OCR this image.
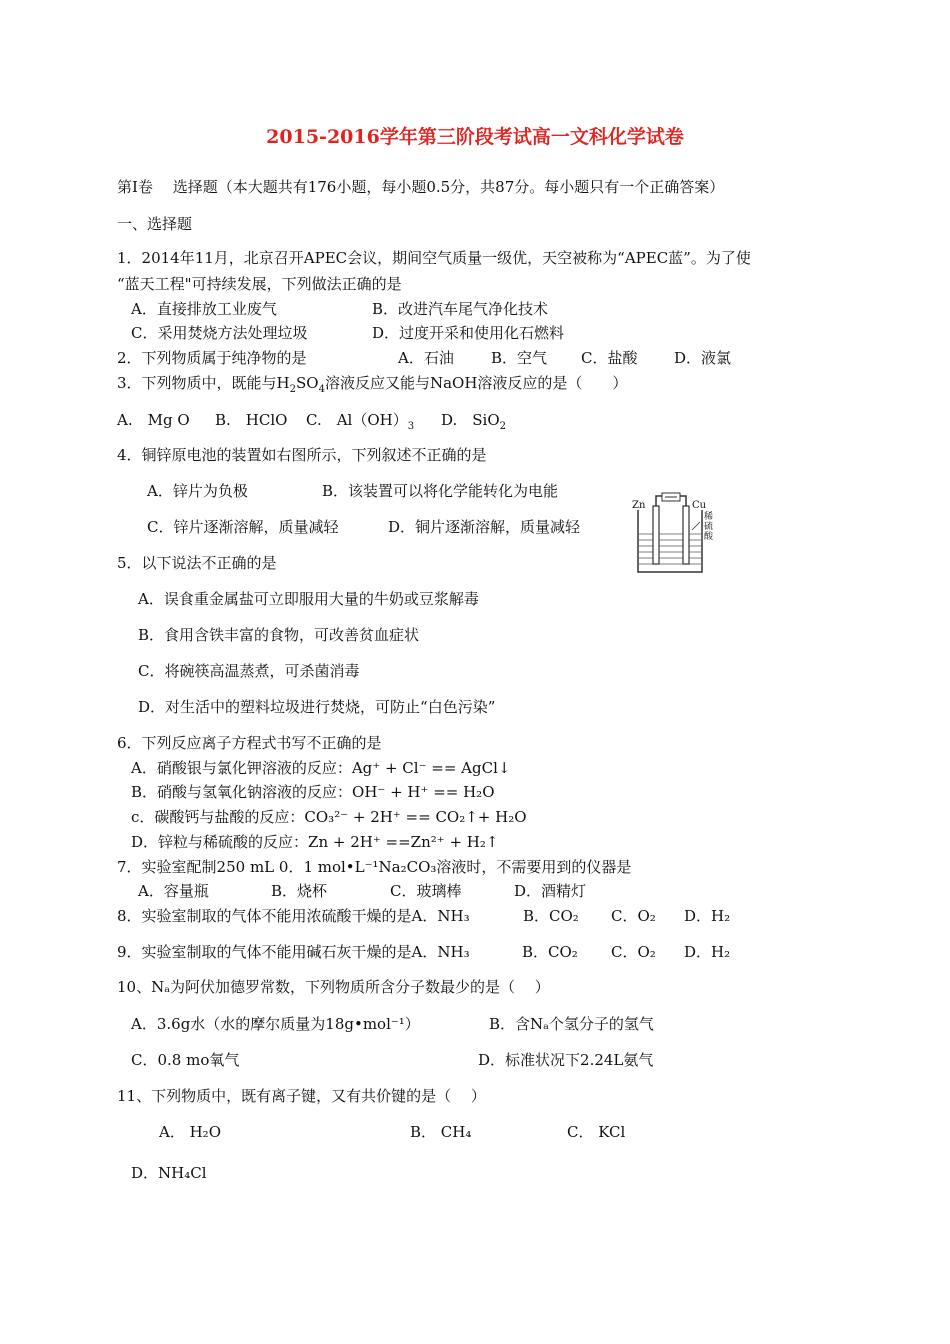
2015-2016学年第三阶段考试高一文科化学试卷
第Ⅰ卷　 选择题（本大题共有176小题，每小题0.5分，共87分。每小题只有一个正确答案）
一、选择题
1．2014年11月，北京召开APEC会议，期间空气质量一级优，天空被称为“APEC蓝”。为了使
“蓝天工程"可持续发展，下列做法正确的是
A．直接排放工业废气	B．改进汽车尾气净化技术
C．采用焚烧方法处理垃圾	D．过度开采和使用化石燃料
2．下列物质属于纯净物的是	A．石油 B．空气 C．盐酸 D．液氯
3．下列物质中，既能与$H_2SO_4$溶液反应又能与NaOH溶液反应的是（　　）
A.　Mg O B.　HClO C.　$Al(OH)_3$ D.　SiO$_2$
4．铜锌原电池的装置如右图所示，下列叙述不正确的是
A．锌片为负极	B．该装置可以将化学能转化为电能
C．锌片逐渐溶解，质量减轻	D．铜片逐渐溶解，质量减轻
Zn	Cu
稀硫酸
5．以下说法不正确的是
A．误食重金属盐可立即服用大量的牛奶或豆浆解毒
B．食用含铁丰富的食物，可改善贫血症状
C．将碗筷高温蒸煮，可杀菌消毒
D．对生活中的塑料垃圾进行焚烧，可防止“白色污染”
6．下列反应离子方程式书写不正确的是
A．硝酸银与氯化钾溶液的反应：Ag⁺ + Cl⁻ == AgCl↓
B．硝酸与氢氧化钠溶液的反应：OH⁻ + H⁺ == H₂O
c．碳酸钙与盐酸的反应：CO₃²⁻ + 2H⁺ == CO₂↑+ H₂O
D．锌粒与稀硫酸的反应：Zn + 2H⁺ ==Zn²⁺ + H₂↑
7．实验室配制250 mL 0．1 mol•L⁻¹Na₂CO₃溶液时，不需要用到的仪器是
A．容量瓶	B．烧杯	C．玻璃棒	D．酒精灯
8．实验室制取的气体不能用浓硫酸干燥的是A．NH₃	B．CO₂ C．O₂ D．H₂
9．实验室制取的气体不能用碱石灰干燥的是A．NH₃	B．CO₂ C．O₂ D．H₂
10、Nₐ为阿伏加德罗常数，下列物质所含分子数最少的是（　 ）
A．3.6g水（水的摩尔质量为18g•mol⁻¹）	B．含Nₐ个氢分子的氢气
C．0.8 mo氧气	D．标准状况下2.24L氨气
11、下列物质中，既有离子键，又有共价键的是（　 ）
A． H₂O	B． CH₄	C． KCl
D．NH₄Cl
